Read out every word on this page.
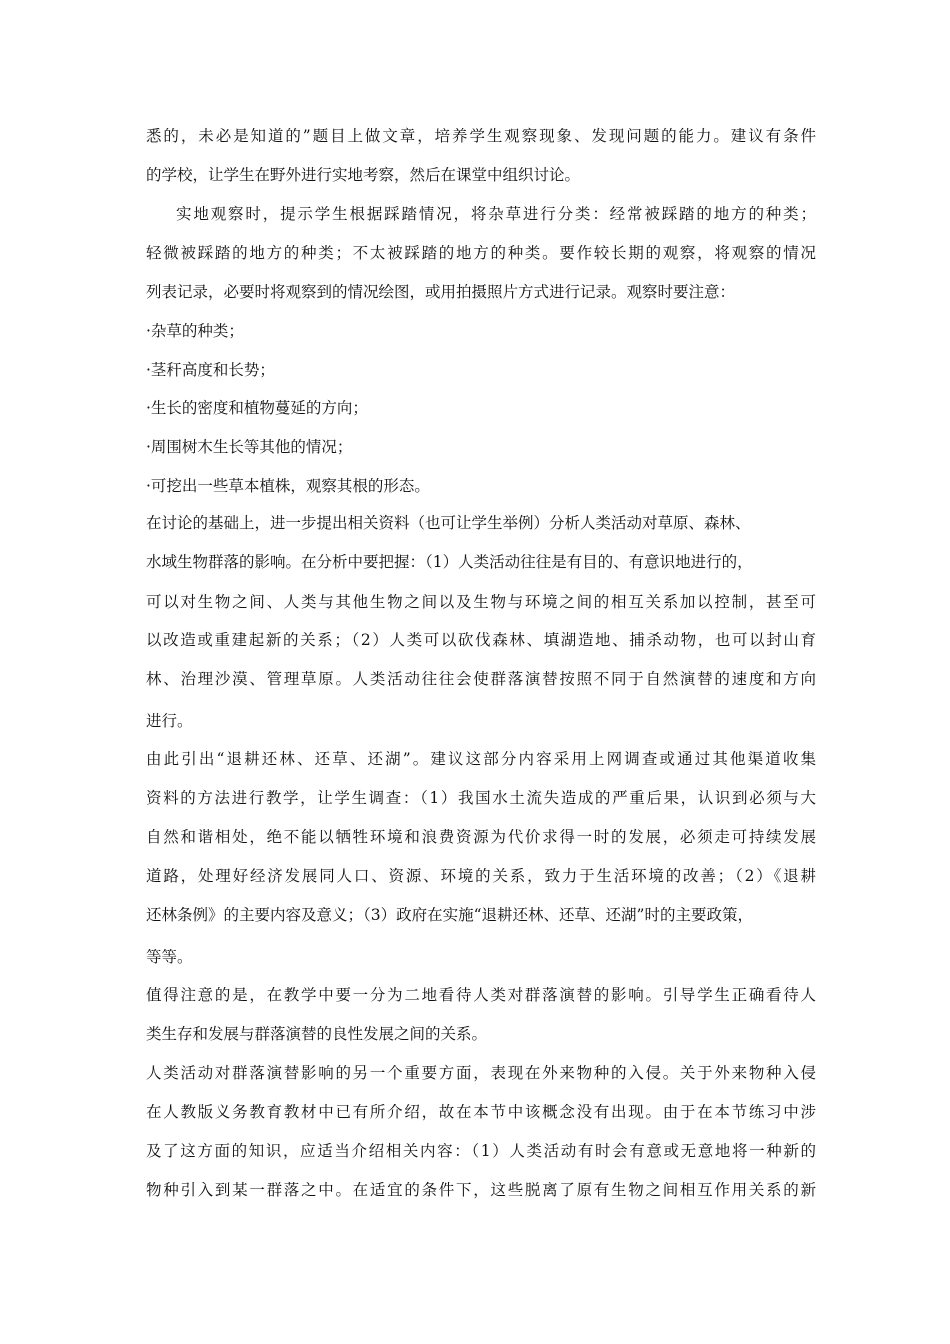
悉的，未必是知道的”题目上做文章，培养学生观察现象、发现问题的能力。建议有条件
的学校，让学生在野外进行实地考察，然后在课堂中组织讨论。
实地观察时，提示学生根据踩踏情况，将杂草进行分类：经常被踩踏的地方的种类；
轻微被踩踏的地方的种类；不太被踩踏的地方的种类。要作较长期的观察，将观察的情况
列表记录，必要时将观察到的情况绘图，或用拍摄照片方式进行记录。观察时要注意：
·杂草的种类；
·茎秆高度和长势；
·生长的密度和植物蔓延的方向；
·周围树木生长等其他的情况；
·可挖出一些草本植株，观察其根的形态。
在讨论的基础上，进一步提出相关资料（也可让学生举例）分析人类活动对草原、森林、
水域生物群落的影响。在分析中要把握：（1）人类活动往往是有目的、有意识地进行的，
可以对生物之间、人类与其他生物之间以及生物与环境之间的相互关系加以控制，甚至可
以改造或重建起新的关系；（2）人类可以砍伐森林、填湖造地、捕杀动物，也可以封山育
林、治理沙漠、管理草原。人类活动往往会使群落演替按照不同于自然演替的速度和方向
进行。
由此引出“退耕还林、还草、还湖”。建议这部分内容采用上网调查或通过其他渠道收集
资料的方法进行教学，让学生调查：（1）我国水土流失造成的严重后果，认识到必须与大
自然和谐相处，绝不能以牺牲环境和浪费资源为代价求得一时的发展，必须走可持续发展
道路，处理好经济发展同人口、资源、环境的关系，致力于生活环境的改善；（2）《退耕
还林条例》的主要内容及意义；（3）政府在实施“退耕还林、还草、还湖”时的主要政策，
等等。
值得注意的是，在教学中要一分为二地看待人类对群落演替的影响。引导学生正确看待人
类生存和发展与群落演替的良性发展之间的关系。
人类活动对群落演替影响的另一个重要方面，表现在外来物种的入侵。关于外来物种入侵
在人教版义务教育教材中已有所介绍，故在本节中该概念没有出现。由于在本节练习中涉
及了这方面的知识，应适当介绍相关内容：（1）人类活动有时会有意或无意地将一种新的
物种引入到某一群落之中。在适宜的条件下，这些脱离了原有生物之间相互作用关系的新
